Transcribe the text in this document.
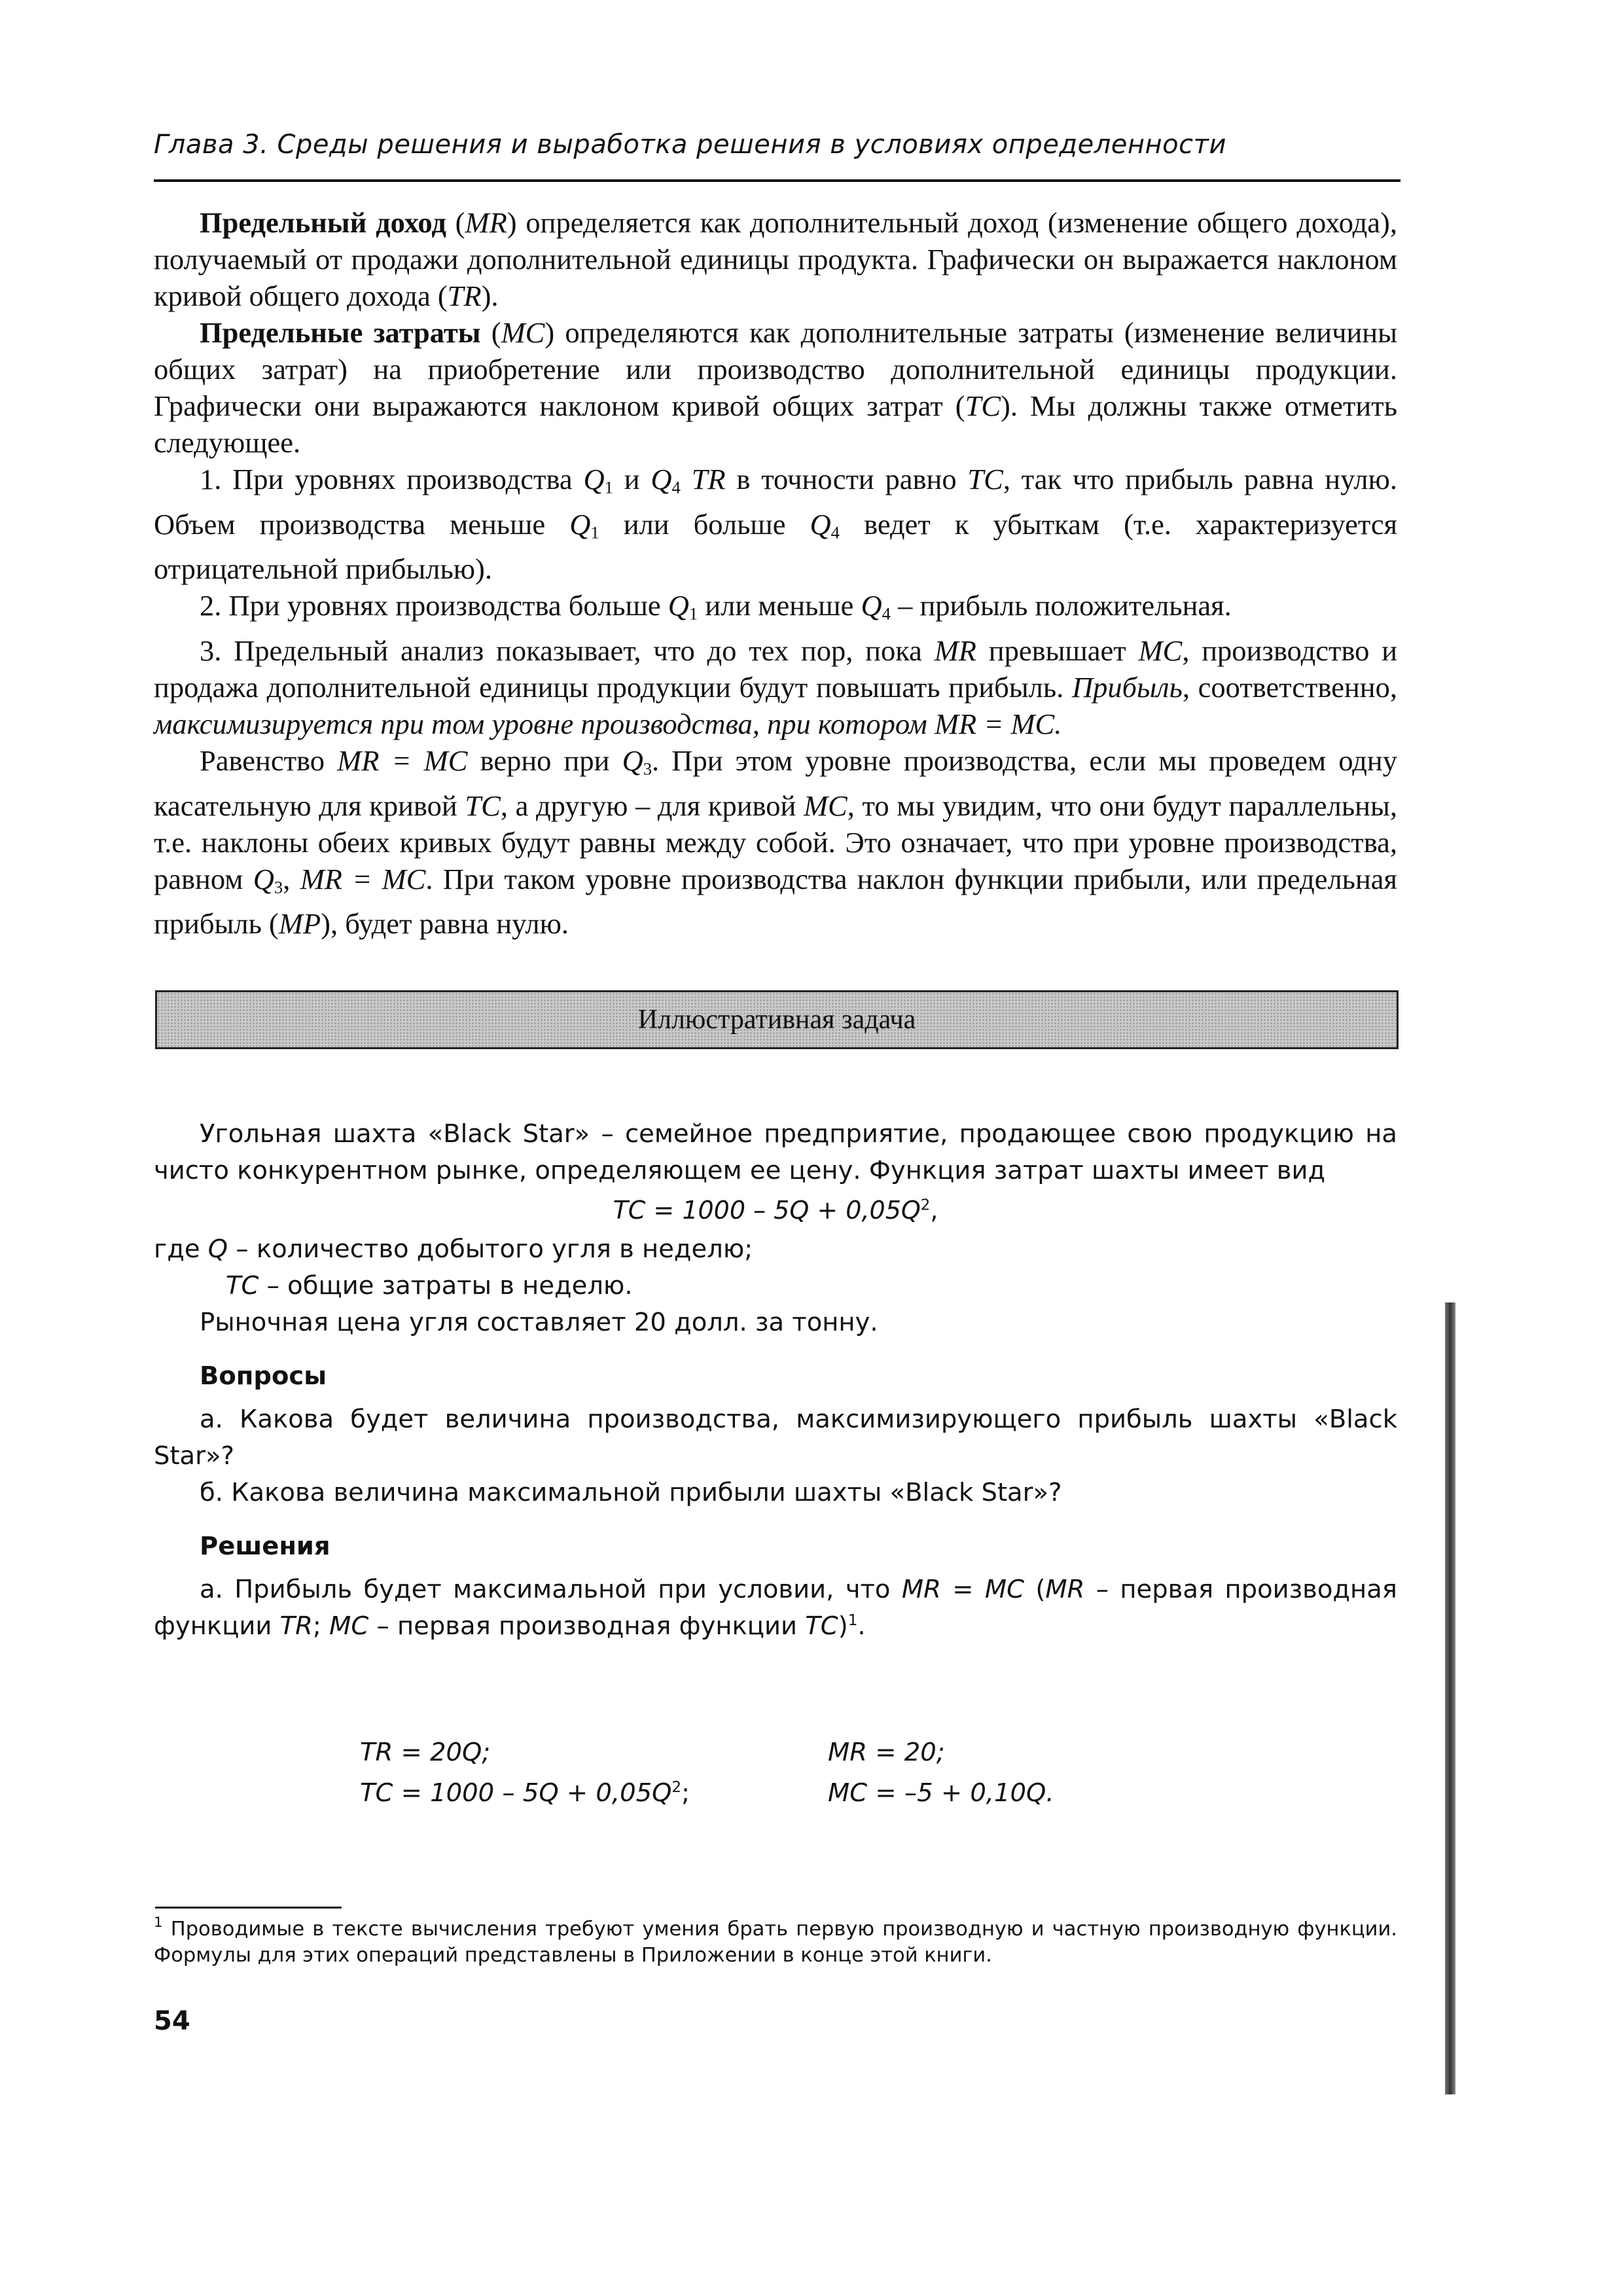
Глава 3. Среды решения и выработка решения в условиях определенности

Предельный доход (MR) определяется как дополнительный доход (изменение общего дохода), получаемый от продажи дополнительной единицы продукта. Графически он выражается наклоном кривой общего дохода (TR).

Предельные затраты (MC) определяются как дополнительные затраты (изменение величины общих затрат) на приобретение или производство дополнительной единицы продукции. Графически они выражаются наклоном кривой общих затрат (TC). Мы должны также отметить следующее.

1. При уровнях производства $Q_1$ и $Q_4$ TR в точности равно TC, так что прибыль равна нулю. Объем производства меньше $Q_1$ или больше $Q_4$ ведет к убыткам (т.е. характеризуется отрицательной прибылью).

2. При уровнях производства больше $Q_1$ или меньше $Q_4$ – прибыль положительная.

3. Предельный анализ показывает, что до тех пор, пока MR превышает MC, производство и продажа дополнительной единицы продукции будут повышать прибыль. Прибыль, соответственно, максимизируется при том уровне производства, при котором MR = MC.

Равенство MR = MC верно при $Q_3$. При этом уровне производства, если мы проведем одну касательную для кривой TC, а другую – для кривой MC, то мы увидим, что они будут параллельны, т.е. наклоны обеих кривых будут равны между собой. Это означает, что при уровне производства, равном $Q_3$, MR = MC. При таком уровне производства наклон функции прибыли, или предельная прибыль (MP), будет равна нулю.

Иллюстративная задача

Угольная шахта «Black Star» – семейное предприятие, продающее свою продукцию на чисто конкурентном рынке, определяющем ее цену. Функция затрат шахты имеет вид

TC = $1000 - 5Q + 0,05Q^2$,

где Q – количество добытого угля в неделю;

TC – общие затраты в неделю.

Рыночная цена угля составляет 20 долл. за тонну.

Вопросы

а. Какова будет величина производства, максимизирующего прибыль шахты «Black Star»?

б. Какова величина максимальной прибыли шахты «Black Star»?

Решения

а. Прибыль будет максимальной при условии, что MR = MC (MR – первая производная функции TR; MC – первая производная функции TC)$^1$.

TR = 20Q;	MR = 20;
TC = $1000 - 5Q + 0,05Q^2$;	MC = –5 + 0,10Q.
$^1$ Проводимые в тексте вычисления требуют умения брать первую производную и частную производную функции. Формулы для этих операций представлены в Приложении в конце этой книги.
54
